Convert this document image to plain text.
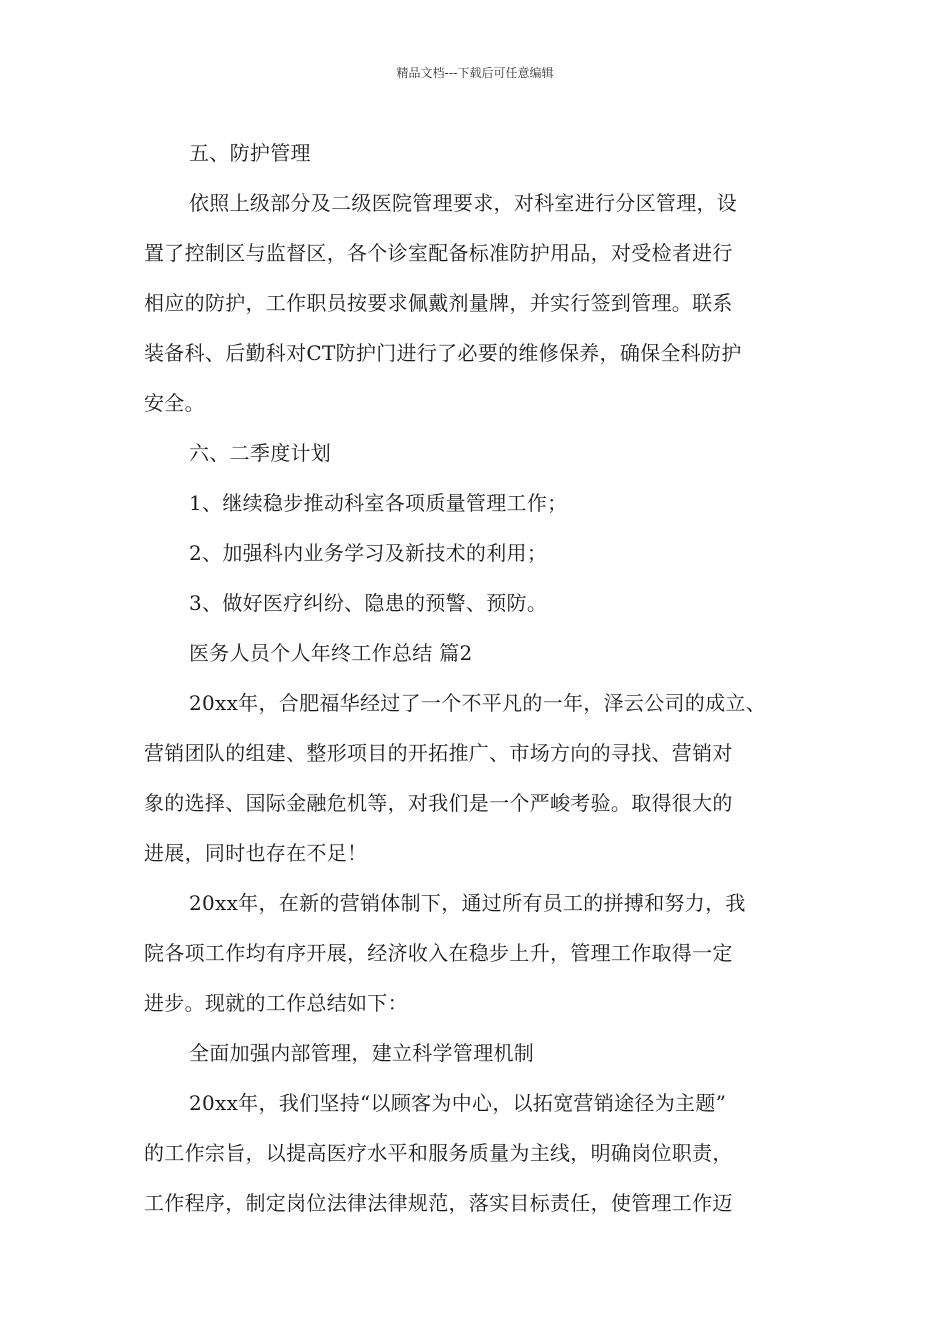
精品文档---下载后可任意编辑

五、防护管理

依照上级部分及二级医院管理要求，对科室进行分区管理，设

置了控制区与监督区，各个诊室配备标准防护用品，对受检者进行

相应的防护，工作职员按要求佩戴剂量牌，并实行签到管理。联系

装备科、后勤科对CT防护门进行了必要的维修保养，确保全科防护

安全。

六、二季度计划

1、继续稳步推动科室各项质量管理工作；

2、加强科内业务学习及新技术的利用；

3、做好医疗纠纷、隐患的预警、预防。

医务人员个人年终工作总结 篇2

20xx年，合肥福华经过了一个不平凡的一年，泽云公司的成立、

营销团队的组建、整形项目的开拓推广、市场方向的寻找、营销对

象的选择、国际金融危机等，对我们是一个严峻考验。取得很大的

进展，同时也存在不足！

20xx年，在新的营销体制下，通过所有员工的拼搏和努力，我

院各项工作均有序开展，经济收入在稳步上升，管理工作取得一定

进步。现就的工作总结如下：

全面加强内部管理，建立科学管理机制

20xx年，我们坚持“以顾客为中心，以拓宽营销途径为主题”

的工作宗旨，以提高医疗水平和服务质量为主线，明确岗位职责，

工作程序，制定岗位法律法律规范，落实目标责任，使管理工作迈
